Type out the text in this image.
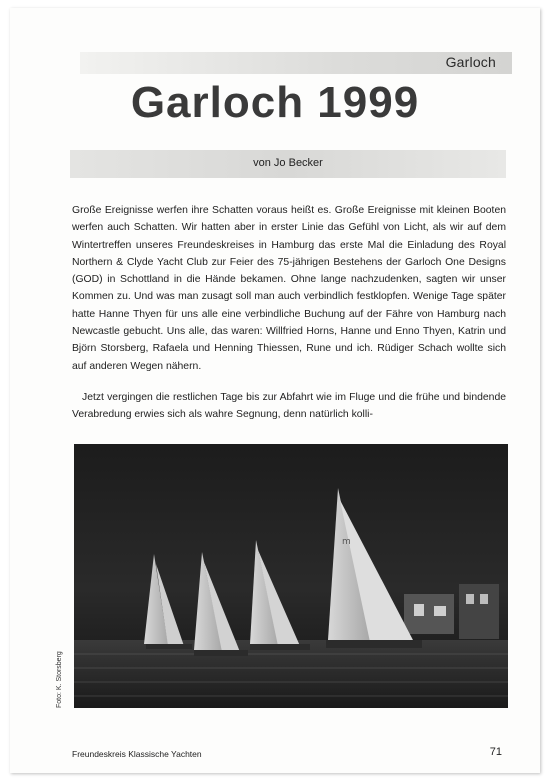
Garloch
Garloch 1999
von Jo Becker

Große Ereignisse werfen ihre Schatten voraus heißt es. Große Ereignisse mit kleinen Booten werfen auch Schatten. Wir hatten aber in erster Linie das Gefühl von Licht, als wir auf dem Wintertreffen unseres Freundeskreises in Hamburg das erste Mal die Einladung des Royal Northern & Clyde Yacht Club zur Feier des 75-jährigen Bestehens der Garloch One Designs (GOD) in Schottland in die Hände bekamen. Ohne lange nachzudenken, sagten wir unser Kommen zu. Und was man zusagt soll man auch verbindlich festklopfen. Wenige Tage später hatte Hanne Thyen für uns alle eine verbindliche Buchung auf der Fähre von Hamburg nach Newcastle gebucht. Uns alle, das waren: Willfried Horns, Hanne und Enno Thyen, Katrin und Björn Storsberg, Rafaela und Henning Thiessen, Rune und ich. Rüdiger Schach wollte sich auf anderen Wegen nähern.

Jetzt vergingen die restlichen Tage bis zur Abfahrt wie im Fluge und die frühe und bindende Verabredung erwies sich als wahre Segnung, denn natürlich kolli-

m
Foto: K. Storsberg
Freundeskreis Klassische Yachten	71
